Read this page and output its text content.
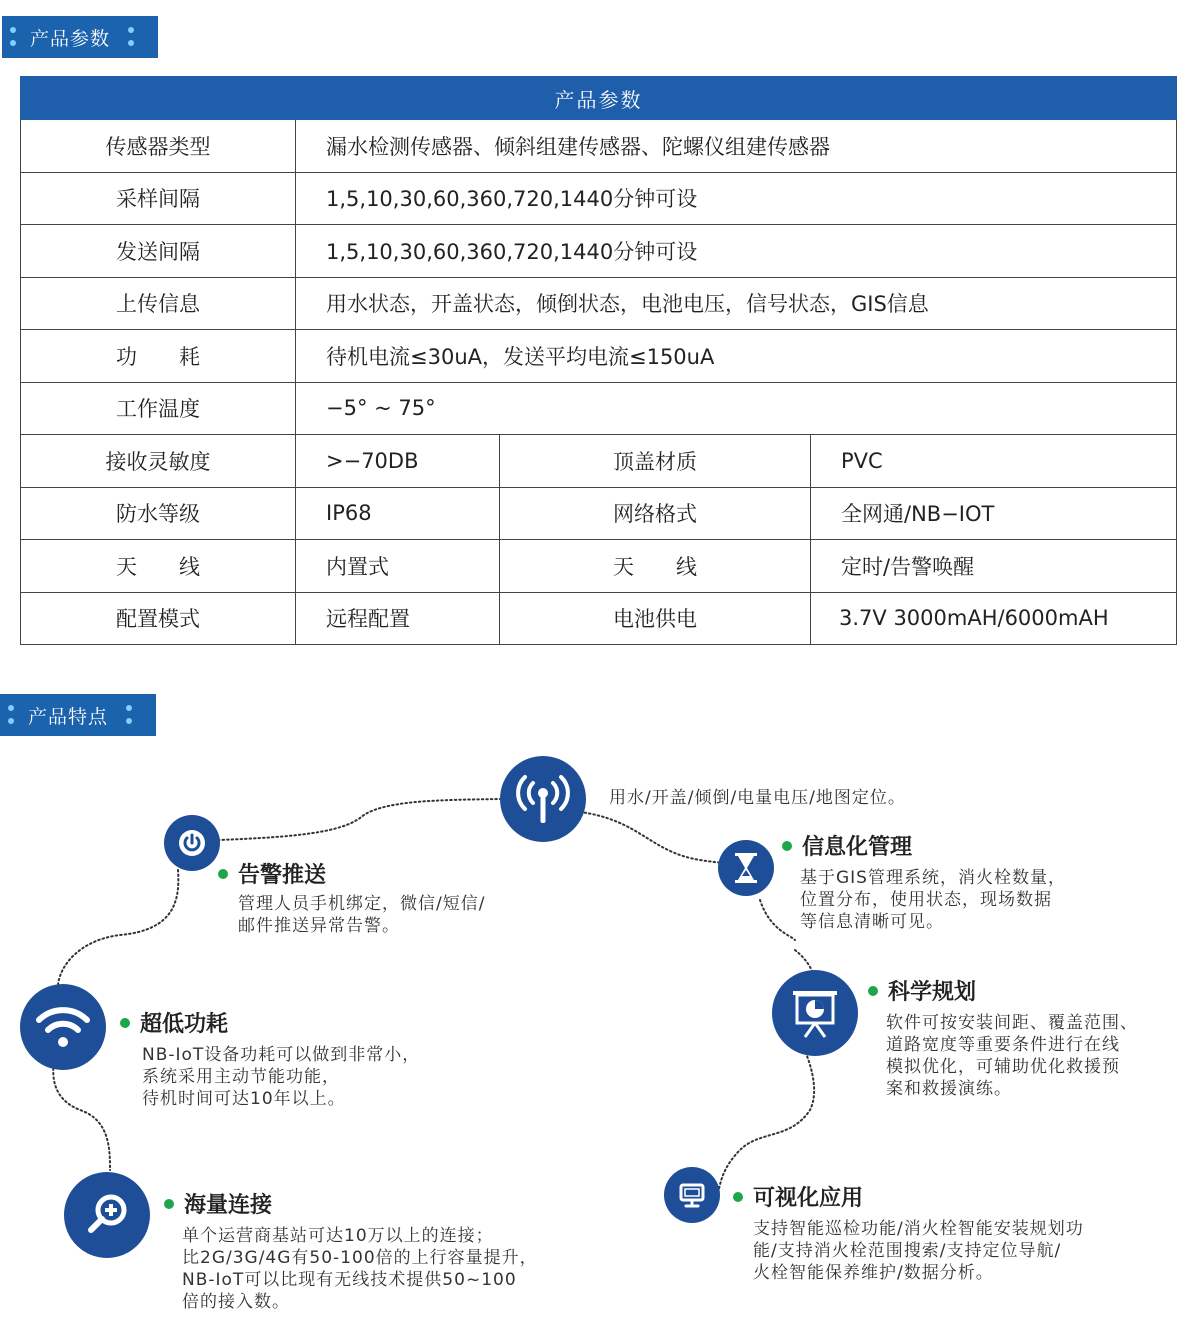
产品参数
产品参数			
传感器类型	漏水检测传感器、倾斜组建传感器、陀螺仪组建传感器		
采样间隔	1,5,10,30,60,360,720,1440分钟可设		
发送间隔	1,5,10,30,60,360,720,1440分钟可设		
上传信息	用水状态，开盖状态，倾倒状态，电池电压，信号状态，GIS信息		
功　　耗	待机电流≤30uA，发送平均电流≤150uA		
工作温度	−5° ~ 75°		
接收灵敏度	>−70DB	顶盖材质	PVC
防水等级	IP68	网络格式	全网通/NB−IOT
天　　线	内置式	天　　线	定时/告警唤醒
配置模式	远程配置	电池供电	3.7V 3000mAH/6000mAH
产品特点
用水/开盖/倾倒/电量电压/地图定位。
告警推送
管理人员手机绑定，微信/短信/
邮件推送异常告警。
信息化管理
基于GIS管理系统，消火栓数量，
位置分布，使用状态，现场数据
等信息清晰可见。
超低功耗
NB-IoT设备功耗可以做到非常小，
系统采用主动节能功能，
待机时间可达10年以上。
科学规划
软件可按安装间距、覆盖范围、
道路宽度等重要条件进行在线
模拟优化，可辅助优化救援预
案和救援演练。
海量连接
单个运营商基站可达10万以上的连接；
比2G/3G/4G有50-100倍的上行容量提升，
NB-IoT可以比现有无线技术提供50~100
倍的接入数。
可视化应用
支持智能巡检功能/消火栓智能安装规划功
能/支持消火栓范围搜索/支持定位导航/
火栓智能保养维护/数据分析。
